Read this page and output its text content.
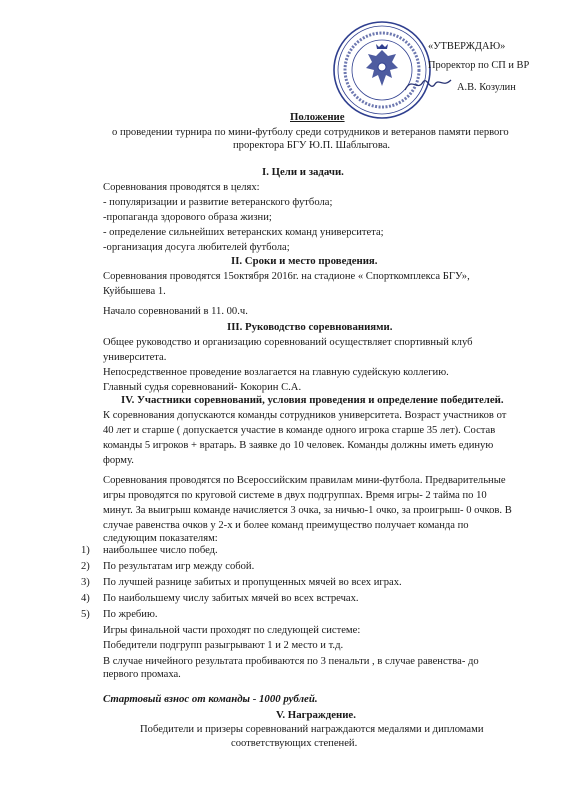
«УТВЕРЖДАЮ»
Проректор по СП и ВР
А.В. Козулин
Положение
о проведении турнира по мини-футболу среди сотрудников и ветеранов памяти первого
проректора БГУ Ю.П. Шаблыгова.
I. Цели и задачи.
Соревнования проводятся в целях:
- популяризации и развитие ветеранского футбола;
-пропаганда здорового образа жизни;
- определение сильнейших ветеранских команд университета;
-организация досуга любителей футбола;
II. Сроки и место проведения.
Соревнования проводятся 15октября 2016г. на стадионе « Спорткомплекса БГУ»,
Куйбышева 1.
Начало соревнований в 11. 00.ч.
III. Руководство соревнованиями.
Общее руководство и организацию соревнований осуществляет спортивный клуб
университета.
Непосредственное проведение возлагается на главную судейскую коллегию.
Главный судья соревнований- Кокорин С.А.
IV. Участники соревнований, условия проведения и определение победителей.
К соревнования допускаются команды сотрудников университета. Возраст участников от
40 лет и старше ( допускается участие в команде одного игрока старше 35 лет). Состав
команды 5 игроков + вратарь. В заявке до 10 человек. Команды должны иметь единую
форму.
Соревнования проводятся по Всероссийским правилам мини-футбола. Предварительные
игры проводятся по круговой системе в двух подгруппах. Время игры- 2 тайма по 10
минут. За выигрыш команде начисляется 3 очка, за ничью-1 очко, за проигрыш- 0 очков. В
случае равенства очков у 2-х и более команд преимущество получает команда по
следующим показателям:
1) наибольшее число побед.
2) По результатам игр между собой.
3) По лучшей разнице забитых и пропущенных мячей во всех играх.
4) По наибольшему числу забитых мячей во всех встречах.
5) По жребию.
Игры финальной части проходят по следующей системе:
Победители подгрупп разыгрывают 1 и 2 место и т.д.
В случае ничейного результата пробиваются по 3 пенальти , в случае равенства- до
первого промаха.
Стартовый взнос от команды - 1000 рублей.
V. Награждение.
Победители и призеры соревнований награждаются медалями и дипломами
соответствующих степеней.
